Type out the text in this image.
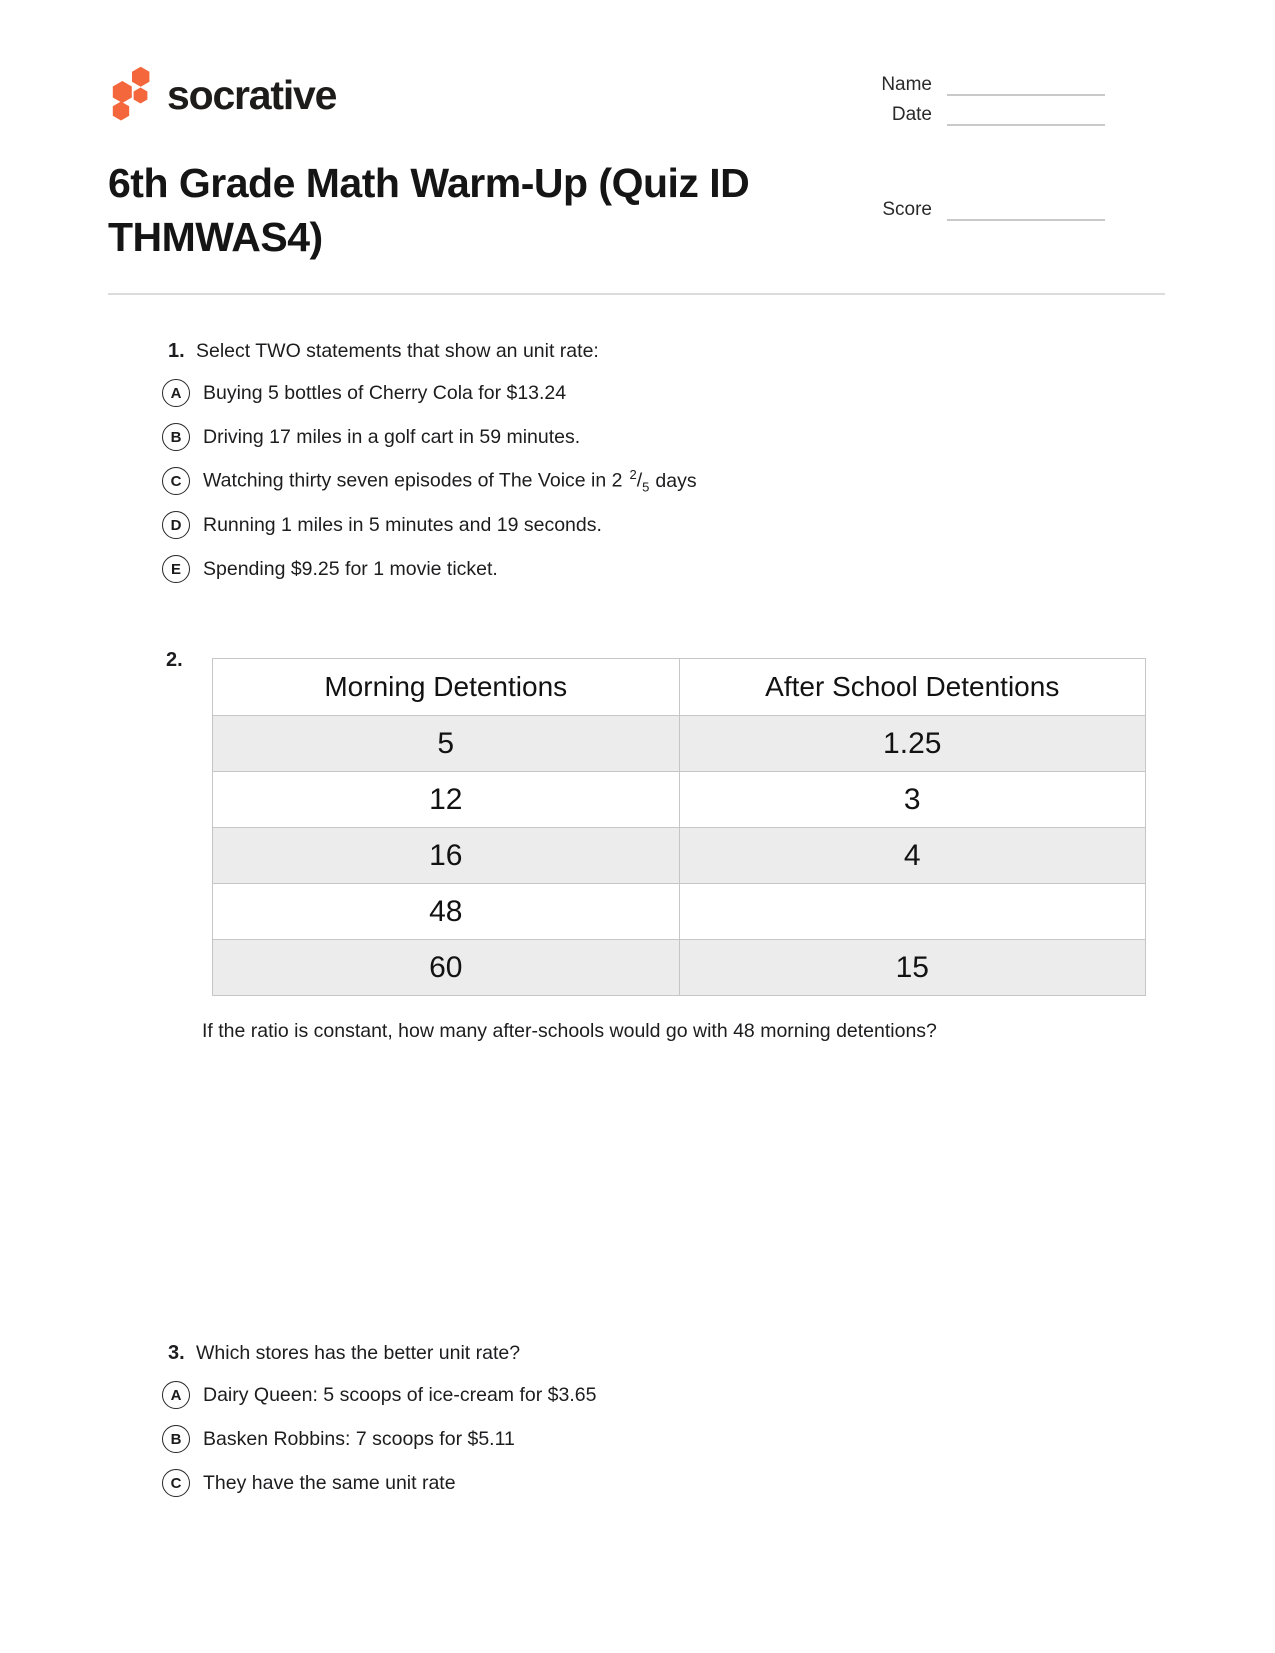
socrative	Name
Date
Score
6th Grade Math Warm-Up (Quiz ID THMWAS4)
1. Select TWO statements that show an unit rate:
A	Buying 5 bottles of Cherry Cola for $13.24
B	Driving 17 miles in a golf cart in 59 minutes.
C	Watching thirty seven episodes of The Voice in 2 $^2/_5$ days
D	Running 1 miles in 5 minutes and 19 seconds.
E	Spending $9.25 for 1 movie ticket.
2.
Morning Detentions	After School Detentions
5	1.25
12	3
16	4
48	
60	15
If the ratio is constant, how many after-schools would go with 48 morning detentions?
3. Which stores has the better unit rate?
A	Dairy Queen: 5 scoops of ice-cream for $3.65
B	Basken Robbins: 7 scoops for $5.11
C	They have the same unit rate
